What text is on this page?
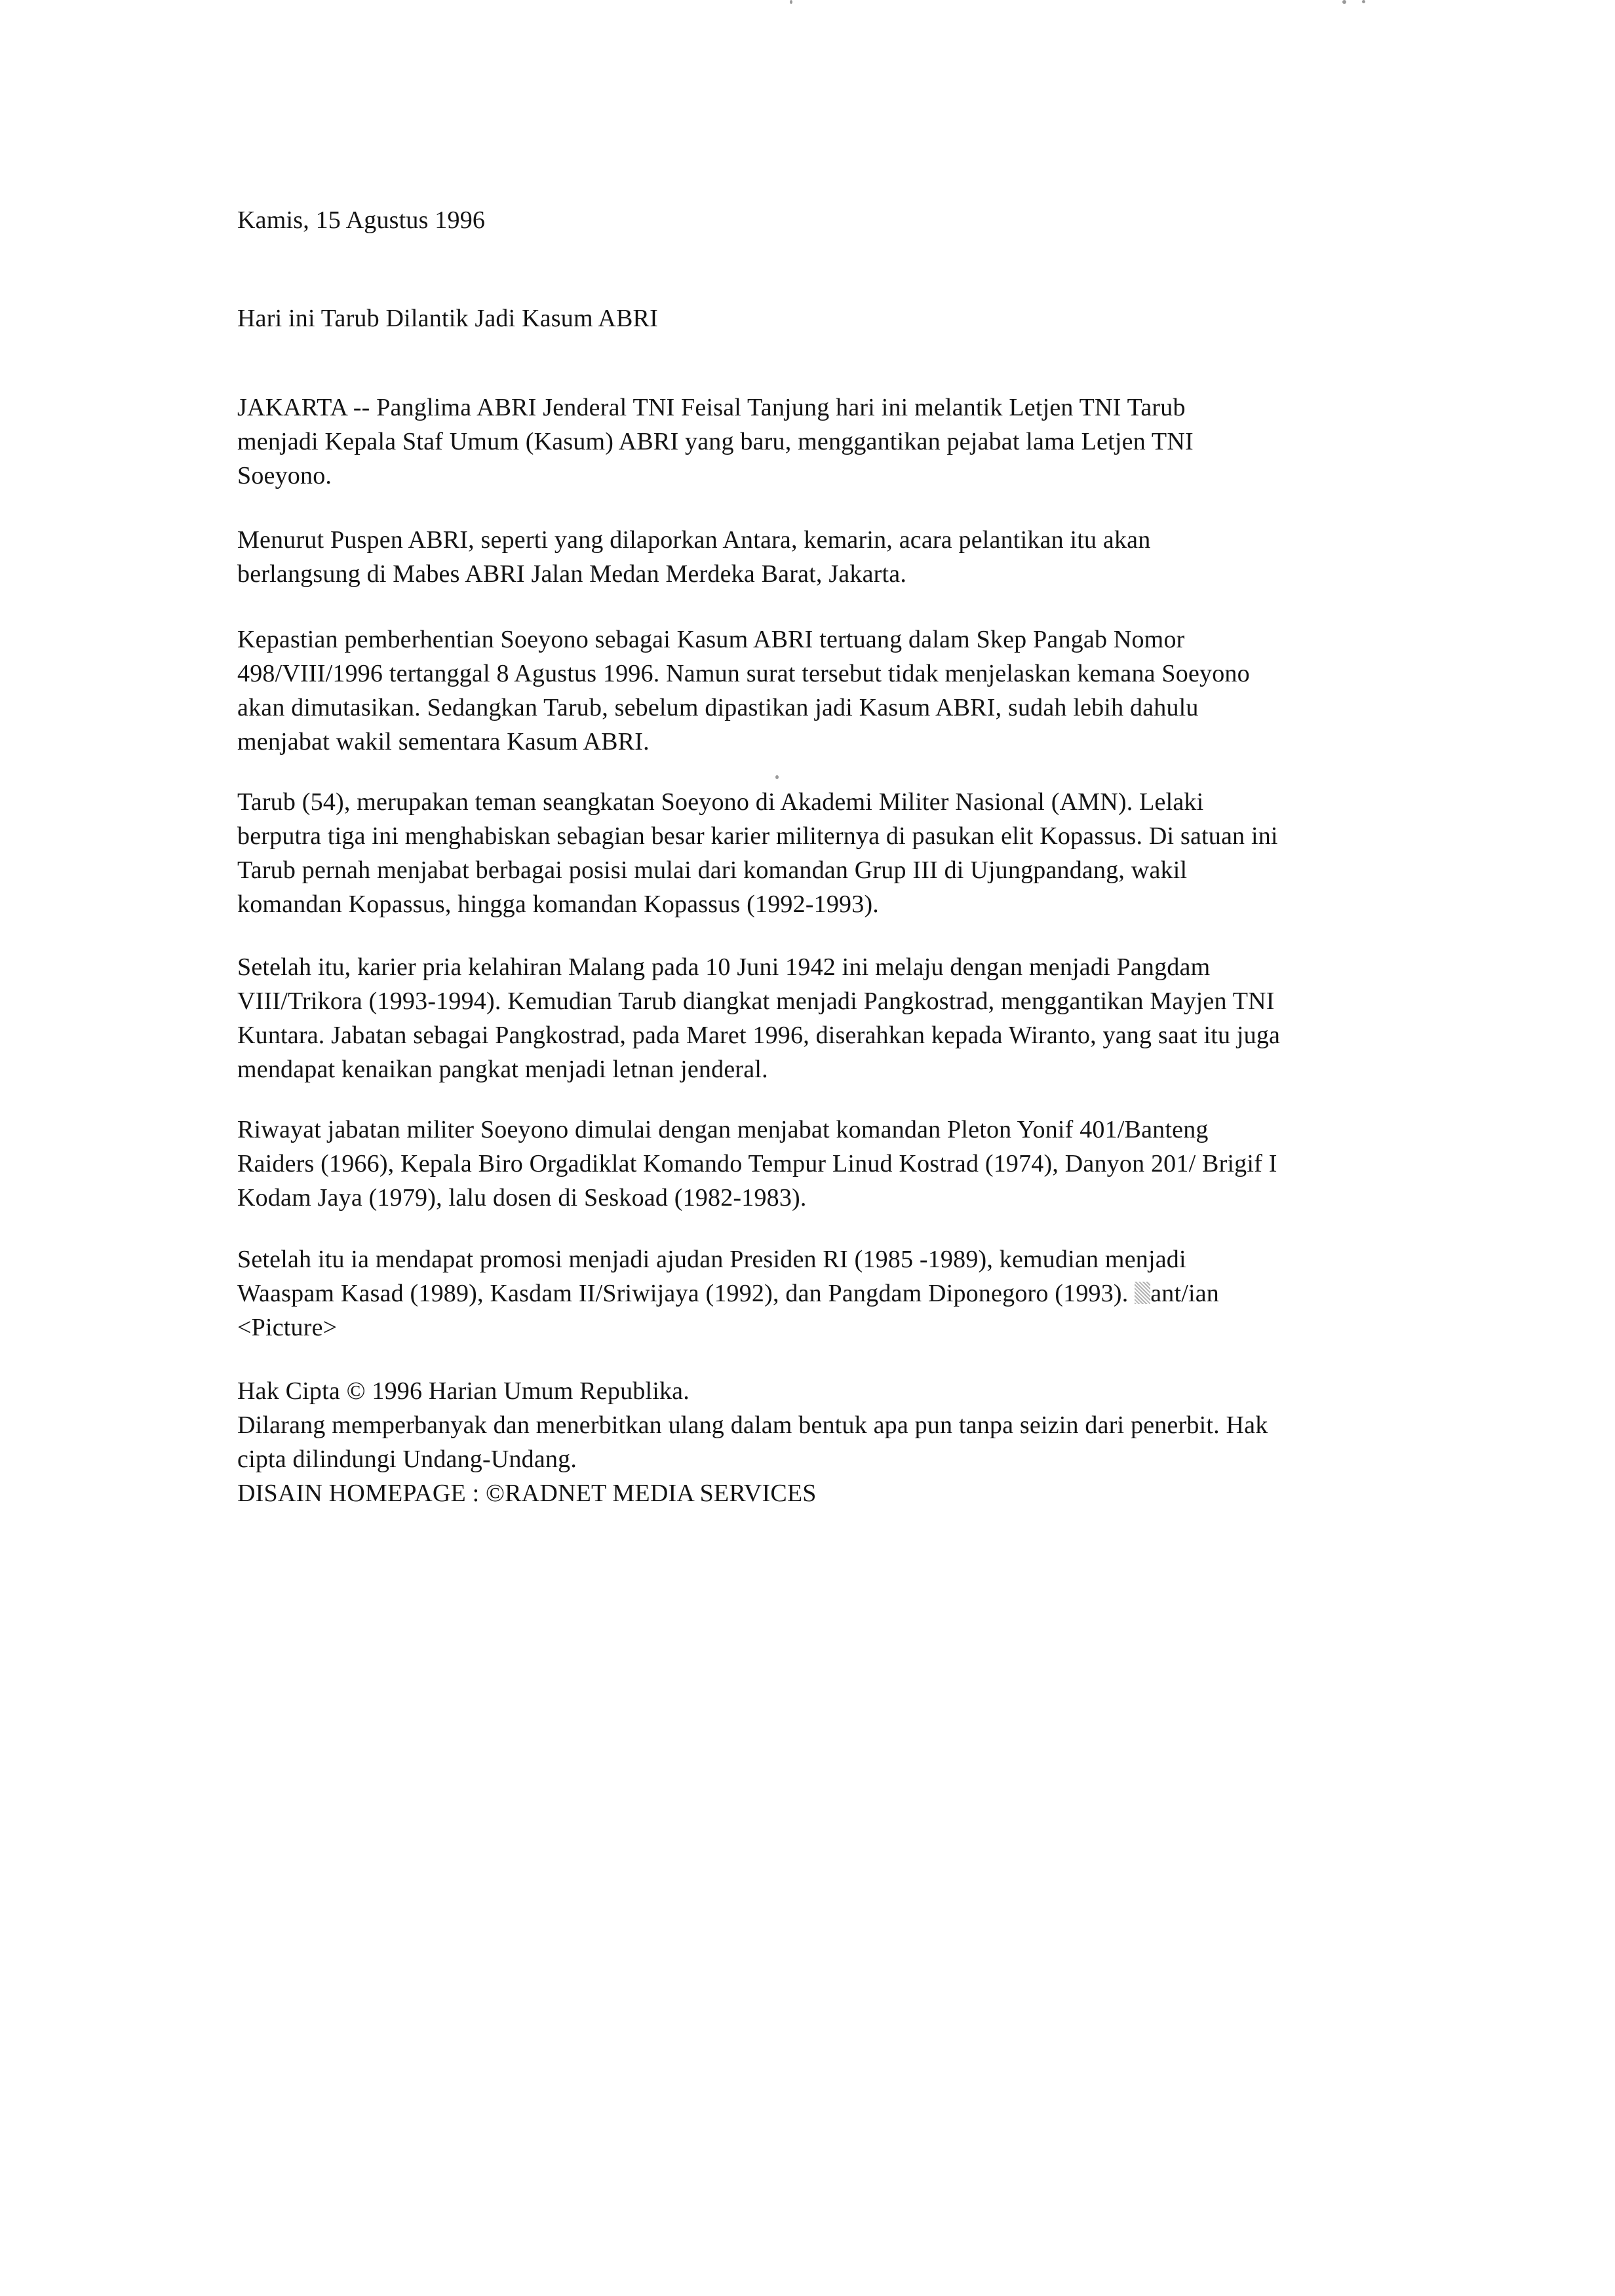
Kamis, 15 Agustus 1996
Hari ini Tarub Dilantik Jadi Kasum ABRI
JAKARTA -- Panglima ABRI Jenderal TNI Feisal Tanjung hari ini melantik Letjen TNI Tarub
menjadi Kepala Staf Umum (Kasum) ABRI yang baru, menggantikan pejabat lama Letjen TNI
Soeyono.
Menurut Puspen ABRI, seperti yang dilaporkan Antara, kemarin, acara pelantikan itu akan
berlangsung di Mabes ABRI Jalan Medan Merdeka Barat, Jakarta.
Kepastian pemberhentian Soeyono sebagai Kasum ABRI tertuang dalam Skep Pangab Nomor
498/VIII/1996 tertanggal 8 Agustus 1996. Namun surat tersebut tidak menjelaskan kemana Soeyono
akan dimutasikan. Sedangkan Tarub, sebelum dipastikan jadi Kasum ABRI, sudah lebih dahulu
menjabat wakil sementara Kasum ABRI.
Tarub (54), merupakan teman seangkatan Soeyono di Akademi Militer Nasional (AMN). Lelaki
berputra tiga ini menghabiskan sebagian besar karier militernya di pasukan elit Kopassus. Di satuan ini
Tarub pernah menjabat berbagai posisi mulai dari komandan Grup III di Ujungpandang, wakil
komandan Kopassus, hingga komandan Kopassus (1992-1993).
Setelah itu, karier pria kelahiran Malang pada 10 Juni 1942 ini melaju dengan menjadi Pangdam
VIII/Trikora (1993-1994). Kemudian Tarub diangkat menjadi Pangkostrad, menggantikan Mayjen TNI
Kuntara. Jabatan sebagai Pangkostrad, pada Maret 1996, diserahkan kepada Wiranto, yang saat itu juga
mendapat kenaikan pangkat menjadi letnan jenderal.
Riwayat jabatan militer Soeyono dimulai dengan menjabat komandan Pleton Yonif 401/Banteng
Raiders (1966), Kepala Biro Orgadiklat Komando Tempur Linud Kostrad (1974), Danyon 201/ Brigif I
Kodam Jaya (1979), lalu dosen di Seskoad (1982-1983).
Setelah itu ia mendapat promosi menjadi ajudan Presiden RI (1985 -1989), kemudian menjadi
Waaspam Kasad (1989), Kasdam II/Sriwijaya (1992), dan Pangdam Diponegoro (1993). ant/ian
<Picture>
Hak Cipta © 1996 Harian Umum Republika.
Dilarang memperbanyak dan menerbitkan ulang dalam bentuk apa pun tanpa seizin dari penerbit. Hak
cipta dilindungi Undang-Undang.
DISAIN HOMEPAGE : ©RADNET MEDIA SERVICES
